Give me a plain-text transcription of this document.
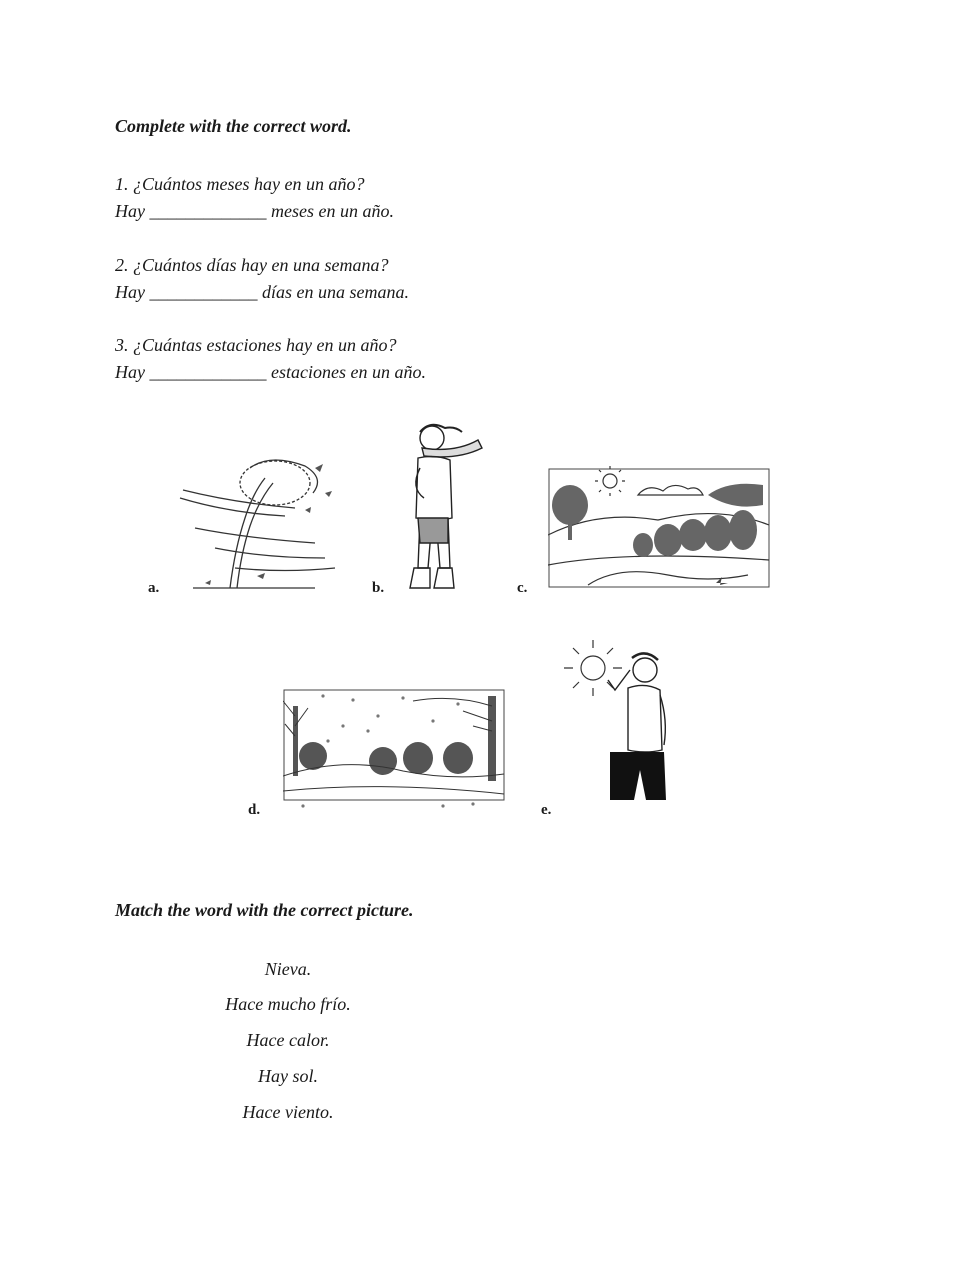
Complete with the correct word.
1. ¿Cuántos meses hay en un año?
Hay _____________ meses en un año.
2. ¿Cuántos días hay en una semana?
Hay ____________ días en una semana.
3. ¿Cuántas estaciones hay en un año?
Hay _____________ estaciones en un año.
a.	b.	c.
d.	e.
Match the word with the correct picture.
Nieva.
Hace mucho frío.
Hace calor.
Hay sol.
Hace viento.
